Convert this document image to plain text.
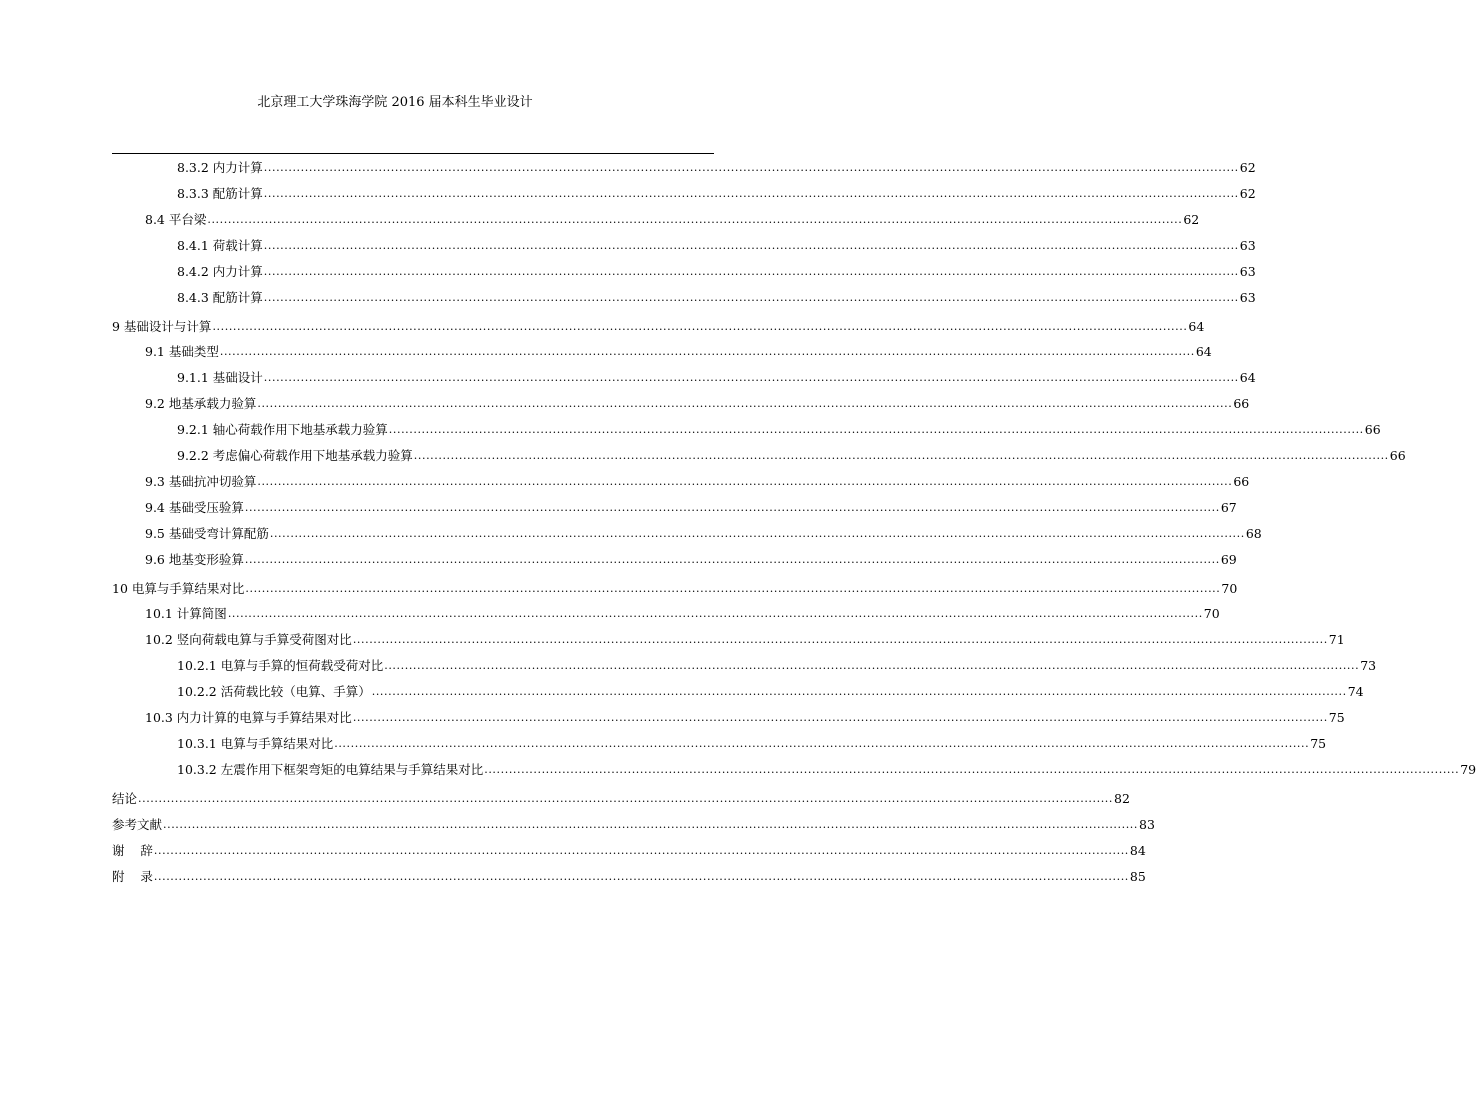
北京理工大学珠海学院 2016 届本科生毕业设计
8.3.2 内力计算 .............................................................................................................................................................................................................................................. 62
8.3.3 配筋计算 .............................................................................................................................................................................................................................................. 62
8.4 平台梁 .............................................................................................................................................................................................................................................. 62
8.4.1 荷载计算 .............................................................................................................................................................................................................................................. 63
8.4.2 内力计算 .............................................................................................................................................................................................................................................. 63
8.4.3 配筋计算 .............................................................................................................................................................................................................................................. 63
9 基础设计与计算 .............................................................................................................................................................................................................................................. 64
9.1 基础类型 .............................................................................................................................................................................................................................................. 64
9.1.1 基础设计 .............................................................................................................................................................................................................................................. 64
9.2 地基承载力验算 .............................................................................................................................................................................................................................................. 66
9.2.1 轴心荷载作用下地基承载力验算 .............................................................................................................................................................................................................................................. 66
9.2.2 考虑偏心荷载作用下地基承载力验算 .............................................................................................................................................................................................................................................. 66
9.3 基础抗冲切验算 .............................................................................................................................................................................................................................................. 66
9.4 基础受压验算 .............................................................................................................................................................................................................................................. 67
9.5 基础受弯计算配筋 .............................................................................................................................................................................................................................................. 68
9.6 地基变形验算 .............................................................................................................................................................................................................................................. 69
10 电算与手算结果对比 .............................................................................................................................................................................................................................................. 70
10.1 计算简图 .............................................................................................................................................................................................................................................. 70
10.2 竖向荷载电算与手算受荷图对比 .............................................................................................................................................................................................................................................. 71
10.2.1 电算与手算的恒荷载受荷对比 .............................................................................................................................................................................................................................................. 73
10.2.2 活荷载比较（电算、手算） .............................................................................................................................................................................................................................................. 74
10.3 内力计算的电算与手算结果对比 .............................................................................................................................................................................................................................................. 75
10.3.1 电算与手算结果对比 .............................................................................................................................................................................................................................................. 75
10.3.2 左震作用下框架弯矩的电算结果与手算结果对比 .............................................................................................................................................................................................................................................. 79
结论 .............................................................................................................................................................................................................................................. 82
参考文献 .............................................................................................................................................................................................................................................. 83
谢    辞 .............................................................................................................................................................................................................................................. 84
附    录 .............................................................................................................................................................................................................................................. 85
